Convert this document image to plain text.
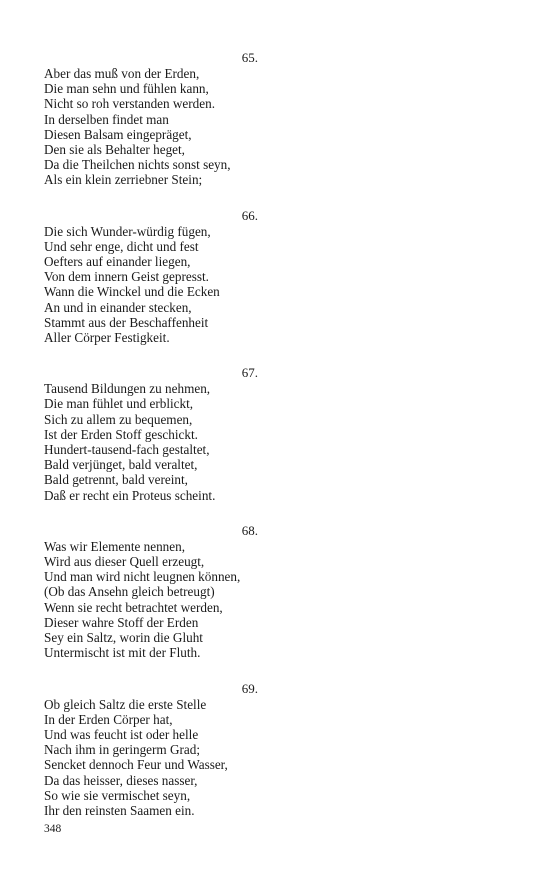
65.
Aber das muß von der Erden,
Die man sehn und fühlen kann,
Nicht so roh verstanden werden.
In derselben findet man
Diesen Balsam eingepräget,
Den sie als Behalter heget,
Da die Theilchen nichts sonst seyn,
Als ein klein zerriebner Stein;
66.
Die sich Wunder-würdig fügen,
Und sehr enge, dicht und fest
Oefters auf einander liegen,
Von dem innern Geist gepresst.
Wann die Winckel und die Ecken
An und in einander stecken,
Stammt aus der Beschaffenheit
Aller Cörper Festigkeit.
67.
Tausend Bildungen zu nehmen,
Die man fühlet und erblickt,
Sich zu allem zu bequemen,
Ist der Erden Stoff geschickt.
Hundert-tausend-fach gestaltet,
Bald verjünget, bald veraltet,
Bald getrennt, bald vereint,
Daß er recht ein Proteus scheint.
68.
Was wir Elemente nennen,
Wird aus dieser Quell erzeugt,
Und man wird nicht leugnen können,
(Ob das Ansehn gleich betreugt)
Wenn sie recht betrachtet werden,
Dieser wahre Stoff der Erden
Sey ein Saltz, worin die Gluht
Untermischt ist mit der Fluth.
69.
Ob gleich Saltz die erste Stelle
In der Erden Cörper hat,
Und was feucht ist oder helle
Nach ihm in geringerm Grad;
Sencket dennoch Feur und Wasser,
Da das heisser, dieses nasser,
So wie sie vermischet seyn,
Ihr den reinsten Saamen ein.
348
